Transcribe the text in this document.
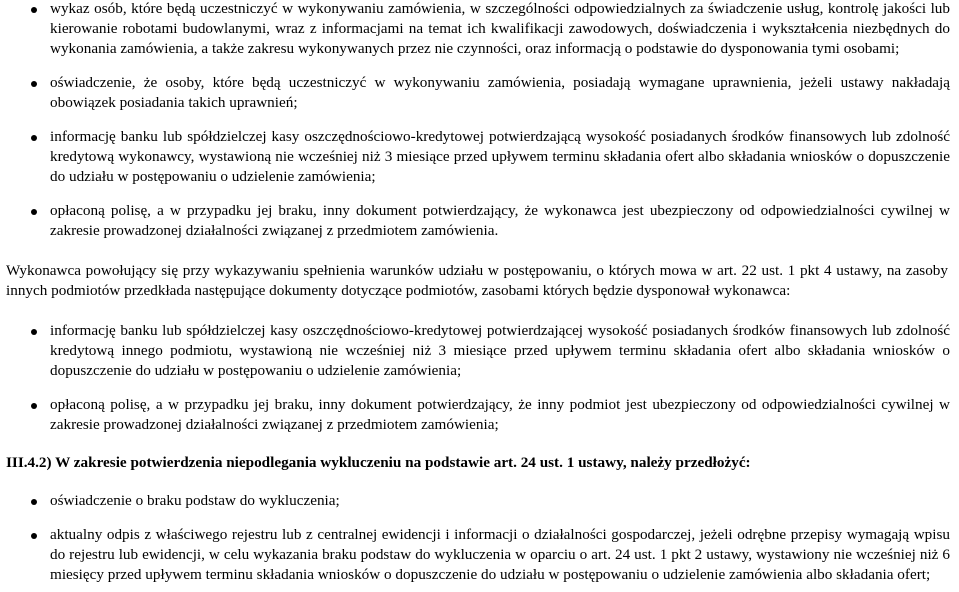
wykaz osób, które będą uczestniczyć w wykonywaniu zamówienia, w szczególności odpowiedzialnych za świadczenie usług, kontrolę jakości lub kierowanie robotami budowlanymi, wraz z informacjami na temat ich kwalifikacji zawodowych, doświadczenia i wykształcenia niezbędnych do wykonania zamówienia, a także zakresu wykonywanych przez nie czynności, oraz informacją o podstawie do dysponowania tymi osobami;
oświadczenie, że osoby, które będą uczestniczyć w wykonywaniu zamówienia, posiadają wymagane uprawnienia, jeżeli ustawy nakładają obowiązek posiadania takich uprawnień;
informację banku lub spółdzielczej kasy oszczędnościowo-kredytowej potwierdzającą wysokość posiadanych środków finansowych lub zdolność kredytową wykonawcy, wystawioną nie wcześniej niż 3 miesiące przed upływem terminu składania ofert albo składania wniosków o dopuszczenie do udziału w postępowaniu o udzielenie zamówienia;
opłaconą polisę, a w przypadku jej braku, inny dokument potwierdzający, że wykonawca jest ubezpieczony od odpowiedzialności cywilnej w zakresie prowadzonej działalności związanej z przedmiotem zamówienia.

Wykonawca powołujący się przy wykazywaniu spełnienia warunków udziału w postępowaniu, o których mowa w art. 22 ust. 1 pkt 4 ustawy, na zasoby innych podmiotów przedkłada następujące dokumenty dotyczące podmiotów, zasobami których będzie dysponował wykonawca:

informację banku lub spółdzielczej kasy oszczędnościowo-kredytowej potwierdzającej wysokość posiadanych środków finansowych lub zdolność kredytową innego podmiotu, wystawioną nie wcześniej niż 3 miesiące przed upływem terminu składania ofert albo składania wniosków o dopuszczenie do udziału w postępowaniu o udzielenie zamówienia;
opłaconą polisę, a w przypadku jej braku, inny dokument potwierdzający, że inny podmiot jest ubezpieczony od odpowiedzialności cywilnej w zakresie prowadzonej działalności związanej z przedmiotem zamówienia;

III.4.2) W zakresie potwierdzenia niepodlegania wykluczeniu na podstawie art. 24 ust. 1 ustawy, należy przedłożyć:

oświadczenie o braku podstaw do wykluczenia;
aktualny odpis z właściwego rejestru lub z centralnej ewidencji i informacji o działalności gospodarczej, jeżeli odrębne przepisy wymagają wpisu do rejestru lub ewidencji, w celu wykazania braku podstaw do wykluczenia w oparciu o art. 24 ust. 1 pkt 2 ustawy, wystawiony nie wcześniej niż 6 miesięcy przed upływem terminu składania wniosków o dopuszczenie do udziału w postępowaniu o udzielenie zamówienia albo składania ofert;
